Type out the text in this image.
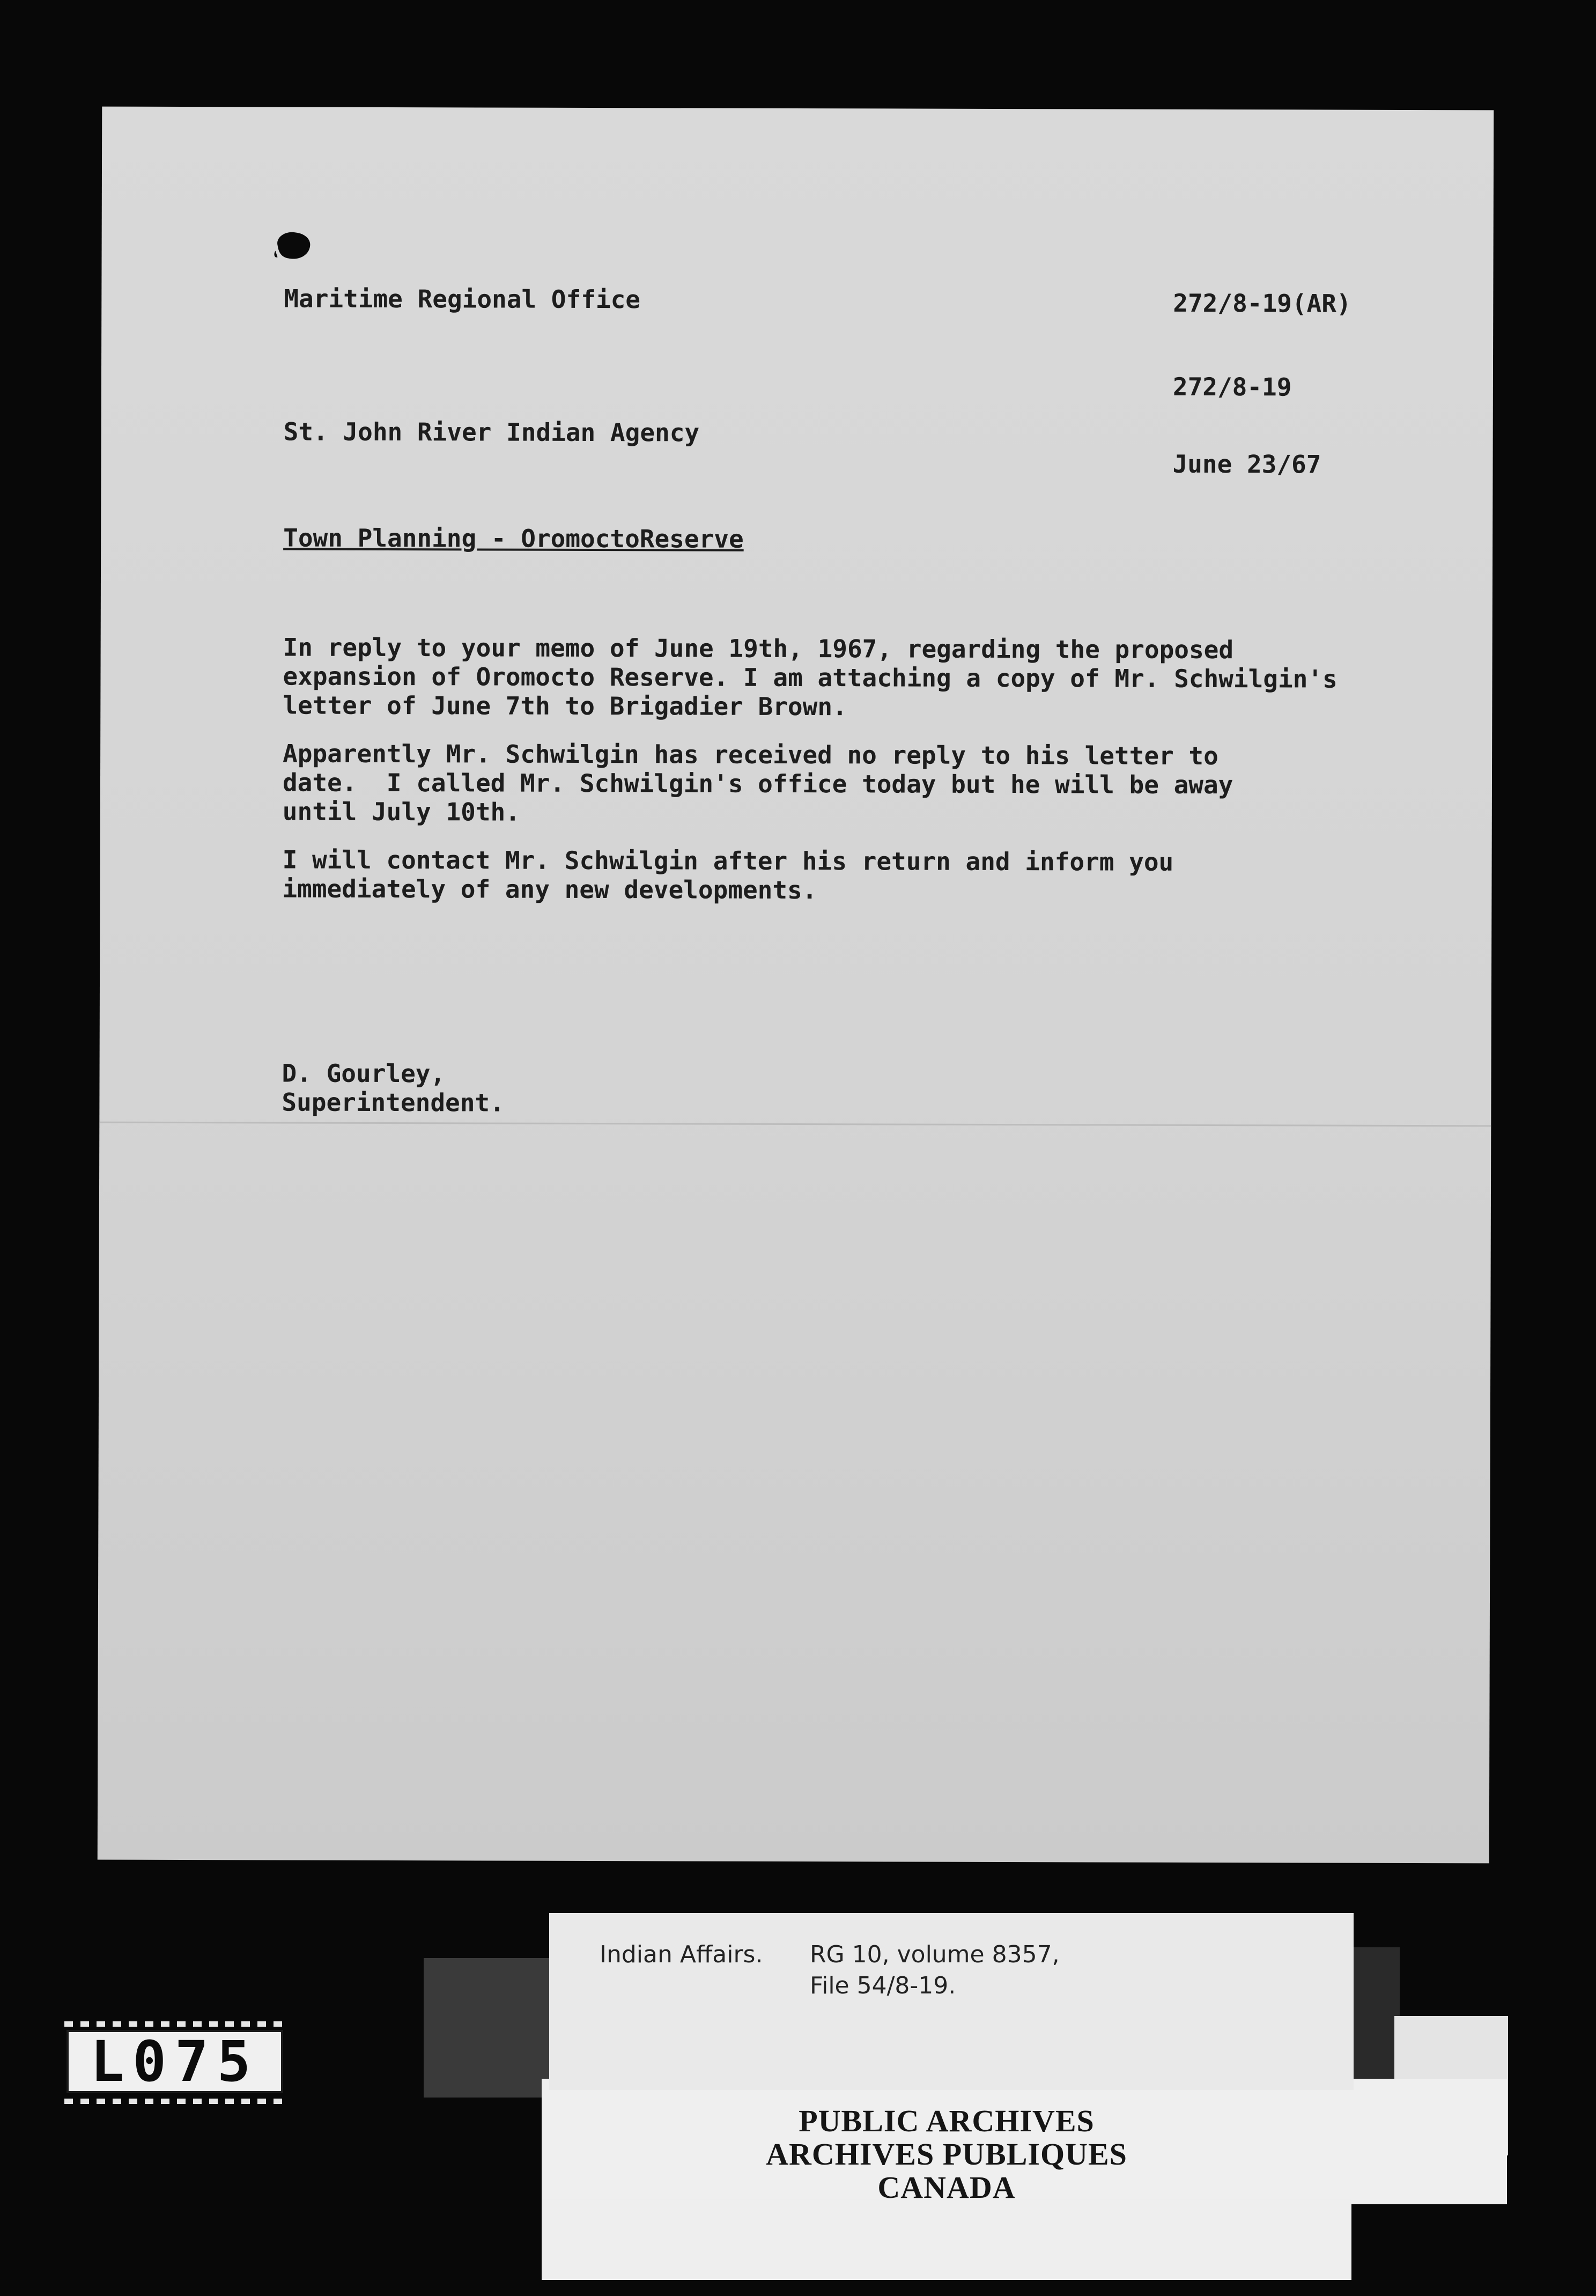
Maritime Regional Office	272/8-19(AR)
272/8-19
St. John River Indian Agency
June 23/67
Town Planning - OromoctoReserve
In reply to your memo of June 19th, 1967, regarding the proposed
expansion of Oromocto Reserve. I am attaching a copy of Mr. Schwilgin's
letter of June 7th to Brigadier Brown.
Apparently Mr. Schwilgin has received no reply to his letter to
date.  I called Mr. Schwilgin's office today but he will be away
until July 10th.
I will contact Mr. Schwilgin after his return and inform you
immediately of any new developments.
D. Gourley,
Superintendent.
L075
Indian Affairs. RG 10, volume 8357,
File 54/8-19.
PUBLIC ARCHIVES
ARCHIVES PUBLIQUES
CANADA
